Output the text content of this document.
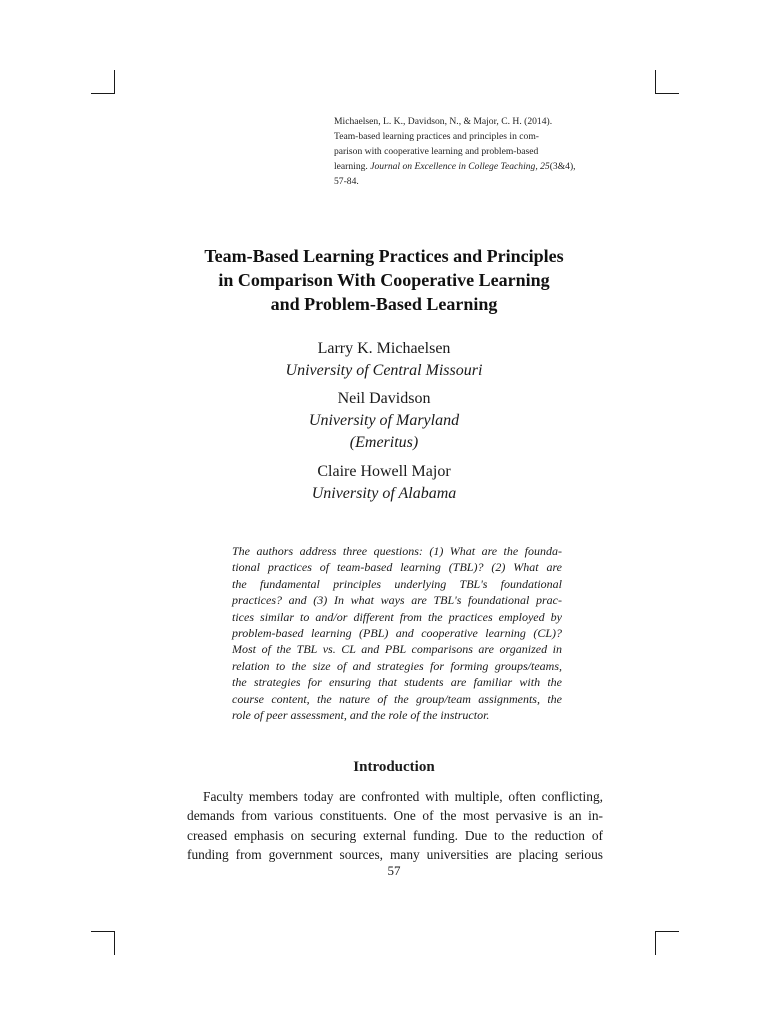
Michaelsen, L. K., Davidson, N., & Major, C. H. (2014).
Team-based learning practices and principles in com-
parison with cooperative learning and problem-based
learning. Journal on Excellence in College Teaching, 25(3&4),
57-84.
Team-Based Learning Practices and Principles
in Comparison With Cooperative Learning
and Problem-Based Learning
Larry K. Michaelsen
University of Central Missouri
Neil Davidson
University of Maryland
(Emeritus)
Claire Howell Major
University of Alabama
The authors address three questions: (1) What are the founda-
tional practices of team-based learning (TBL)? (2) What are
the fundamental principles underlying TBL's foundational
practices? and (3) In what ways are TBL's foundational prac-
tices similar to and/or different from the practices employed by
problem-based learning (PBL) and cooperative learning (CL)?
Most of the TBL vs. CL and PBL comparisons are organized in
relation to the size of and strategies for forming groups/teams,
the strategies for ensuring that students are familiar with the
course content, the nature of the group/team assignments, the
role of peer assessment, and the role of the instructor.
Introduction
Faculty members today are confronted with multiple, often conflicting,
demands from various constituents. One of the most pervasive is an in-
creased emphasis on securing external funding. Due to the reduction of
funding from government sources, many universities are placing serious
57
